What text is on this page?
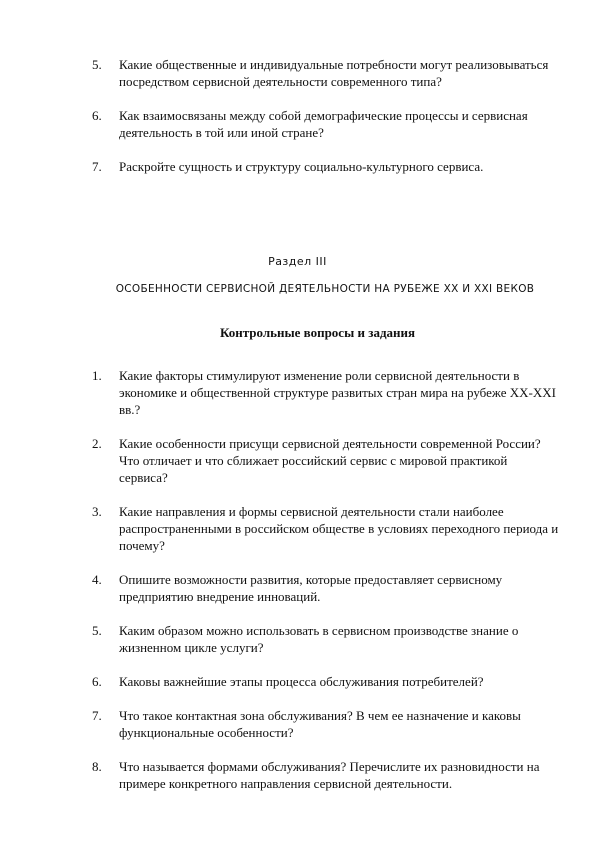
5. Какие общественные и индивидуальные потребности могут реализовываться посредством сервисной деятельности современного типа?
6. Как взаимосвязаны между собой демографические процессы и сервисная деятельность в той или иной стране?
7. Раскройте сущность и структуру социально-культурного сервиса.
Раздел III
ОСОБЕННОСТИ СЕРВИСНОЙ ДЕЯТЕЛЬНОСТИ НА РУБЕЖЕ XX И XXI ВЕКОВ
Контрольные вопросы и задания
1. Какие факторы стимулируют изменение роли сервисной деятельности в экономике и общественной структуре развитых стран мира на рубеже XX-XXI вв.?
2. Какие особенности присущи сервисной деятельности современной России? Что отличает и что сближает российский сервис с мировой практикой сервиса?
3. Какие направления и формы сервисной деятельности стали наиболее распространенными в российском обществе в условиях переходного периода и почему?
4. Опишите возможности развития, которые предоставляет сервисному предприятию внедрение инноваций.
5. Каким образом можно использовать в сервисном производстве знание о жизненном цикле услуги?
6. Каковы важнейшие этапы процесса обслуживания потребителей?
7. Что такое контактная зона обслуживания? В чем ее назначение и каковы функциональные особенности?
8. Что называется формами обслуживания? Перечислите их разновидности на примере конкретного направления сервисной деятельности.
